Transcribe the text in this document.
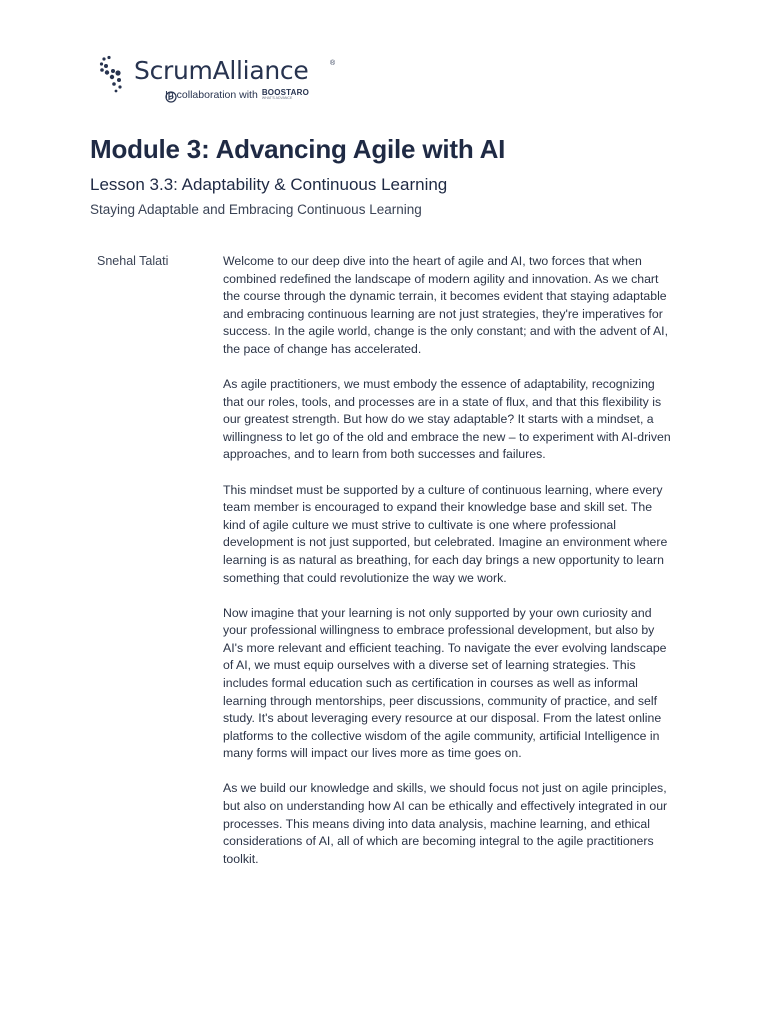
ScrumAlliance	®
In collaboration with BOOSTARO
WHAT'S ADVANCE
Module 3: Advancing Agile with AI
Lesson 3.3: Adaptability & Continuous Learning
Staying Adaptable and Embracing Continuous Learning
Snehal Talati	Welcome to our deep dive into the heart of agile and AI, two forces that when combined redefined the landscape of modern agility and innovation. As we chart the course through the dynamic terrain, it becomes evident that staying adaptable and embracing continuous learning are not just strategies, they're imperatives for success. In the agile world, change is the only constant; and with the advent of AI, the pace of change has accelerated.

As agile practitioners, we must embody the essence of adaptability, recognizing that our roles, tools, and processes are in a state of flux, and that this flexibility is our greatest strength. But how do we stay adaptable? It starts with a mindset, a willingness to let go of the old and embrace the new – to experiment with AI-driven approaches, and to learn from both successes and failures.

This mindset must be supported by a culture of continuous learning, where every team member is encouraged to expand their knowledge base and skill set. The kind of agile culture we must strive to cultivate is one where professional development is not just supported, but celebrated. Imagine an environment where learning is as natural as breathing, for each day brings a new opportunity to learn something that could revolutionize the way we work.

Now imagine that your learning is not only supported by your own curiosity and your professional willingness to embrace professional development, but also by AI's more relevant and efficient teaching. To navigate the ever evolving landscape of AI, we must equip ourselves with a diverse set of learning strategies. This includes formal education such as certification in courses as well as informal learning through mentorships, peer discussions, community of practice, and self study. It's about leveraging every resource at our disposal. From the latest online platforms to the collective wisdom of the agile community, artificial Intelligence in many forms will impact our lives more as time goes on.

As we build our knowledge and skills, we should focus not just on agile principles, but also on understanding how AI can be ethically and effectively integrated in our processes. This means diving into data analysis, machine learning, and ethical considerations of AI, all of which are becoming integral to the agile practitioners toolkit.
